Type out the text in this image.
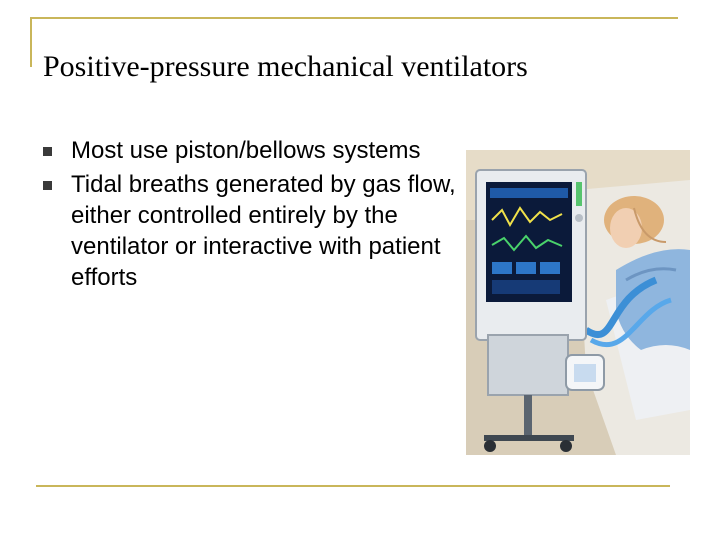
Positive-pressure mechanical ventilators
Most use piston/bellows systems
Tidal breaths generated by gas flow, either controlled entirely by the ventilator or interactive with patient efforts
